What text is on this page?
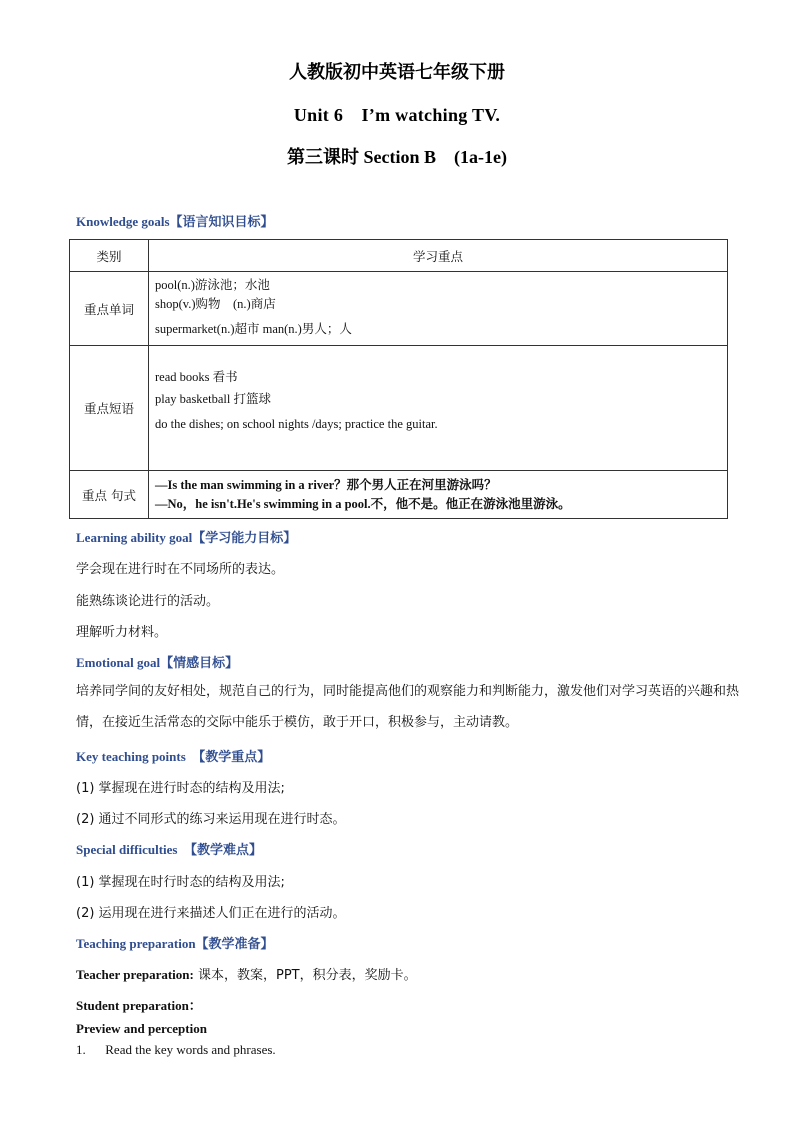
人教版初中英语七年级下册
Unit 6　I’m watching TV.
第三课时 Section B　(1a-1e)
Knowledge goals【语言知识目标】
类别	学习重点
重点单词	pool(n.)游泳池；水池
shop(v.)购物　(n.)商店
supermarket(n.)超市 man(n.)男人；人

重点短语	read books 看书
play basketball 打篮球
do the dishes; on school nights /days; practice the guitar.

重点 句式	—Is the man swimming in a river？那个男人正在河里游泳吗？
—No，he isn't.He's swimming in a pool.不，他不是。他正在游泳池里游泳。
Learning ability goal【学习能力目标】
学会现在进行时在不同场所的表达。
能熟练谈论进行的活动。
理解听力材料。
Emotional goal【情感目标】
培养同学间的友好相处，规范自己的行为，同时能提高他们的观察能力和判断能力，激发他们对学习英语的兴趣和热情，在接近生活常态的交际中能乐于模仿，敢于开口，积极参与，主动请教。
Key teaching points　【教学重点】
(1) 掌握现在进行时态的结构及用法;
(2) 通过不同形式的练习来运用现在进行时态。
Special difficulties　【教学难点】
(1) 掌握现在时行时态的结构及用法;
(2) 运用现在进行来描述人们正在进行的活动。
Teaching preparation【教学准备】
Teacher preparation: 课本，教案，PPT，积分表，奖励卡。
Student preparation：
Preview and perception
1. Read the key words and phrases.
